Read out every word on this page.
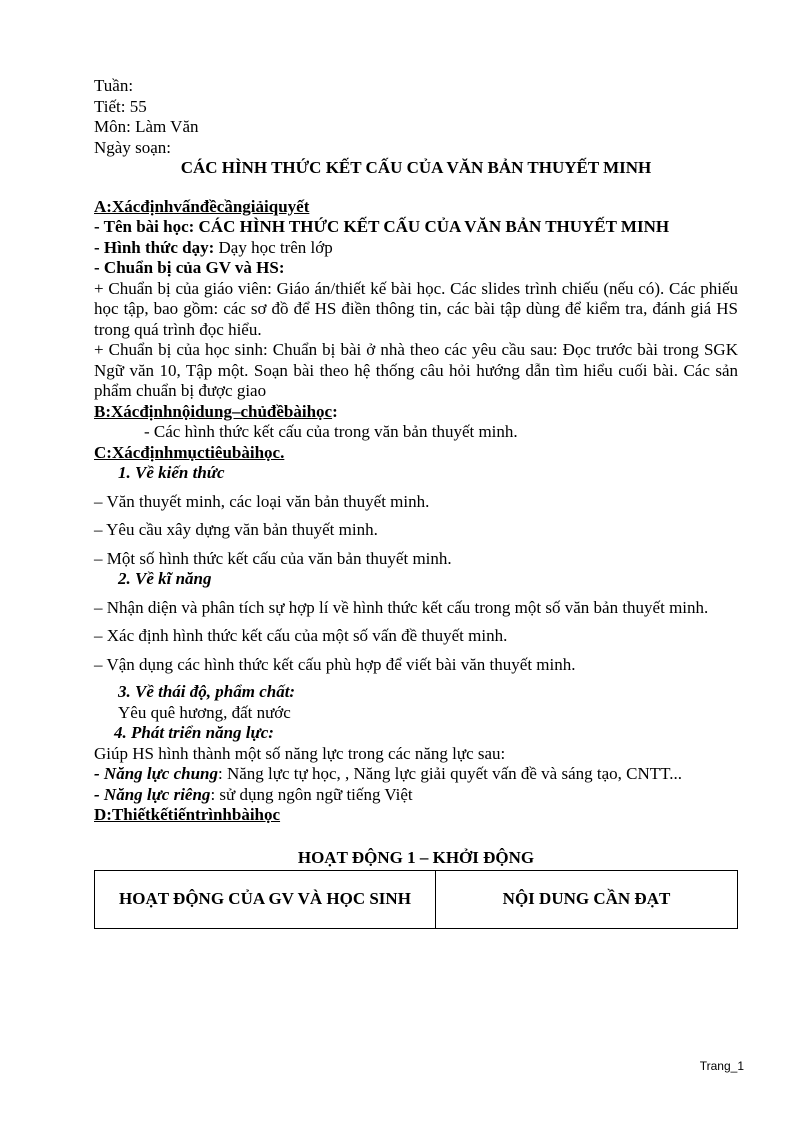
Tuần:

Tiết: 55

Môn: Làm Văn

Ngày soạn:

CÁC HÌNH THỨC KẾT CẤU CỦA VĂN BẢN THUYẾT MINH

A:Xácđịnhvấnđềcầngiảiquyết

- Tên bài học: CÁC HÌNH THỨC KẾT CẤU CỦA VĂN BẢN THUYẾT MINH

- Hình thức dạy: Dạy học trên lớp

- Chuẩn bị của GV và HS:

+ Chuẩn bị của giáo viên: Giáo án/thiết kế bài học. Các slides trình chiếu (nếu có). Các phiếu học tập, bao gồm: các sơ đồ để HS điền thông tin, các bài tập dùng để kiểm tra, đánh giá HS trong quá trình đọc hiểu.

+ Chuẩn bị của học sinh: Chuẩn bị bài ở nhà theo các yêu cầu sau: Đọc trước bài trong SGK Ngữ văn 10, Tập một. Soạn bài theo hệ thống câu hỏi hướng dẫn tìm hiểu cuối bài. Các sản phẩm chuẩn bị được giao

B:Xácđịnhnộidung–chủđềbàihọc:

- Các hình thức kết cấu của trong văn bản thuyết minh.

C:Xácđịnhmụctiêubàihọc.

1. Về kiến thức

– Văn thuyết minh, các loại văn bản thuyết minh.

– Yêu cầu xây dựng văn bản thuyết minh.

– Một số hình thức kết cấu của văn bản thuyết minh.

2. Về kĩ năng

– Nhận diện và phân tích sự hợp lí về hình thức kết cấu trong một số văn bản thuyết minh.

– Xác định hình thức kết cấu của một số vấn đề thuyết minh.

– Vận dụng các hình thức kết cấu phù hợp để viết bài văn thuyết minh.

3. Về thái độ, phẩm chất:

Yêu quê hương, đất nước

4. Phát triển năng lực:

Giúp HS hình thành một số năng lực trong các năng lực sau:

- Năng lực chung: Năng lực tự học, , Năng lực giải quyết vấn đề và sáng tạo, CNTT...

- Năng lực riêng: sử dụng ngôn ngữ tiếng Việt

D:Thiếtkếtiếntrìnhbàihọc

HOẠT ĐỘNG 1 – KHỞI ĐỘNG

HOẠT ĐỘNG CỦA GV VÀ HỌC SINH	NỘI DUNG CẦN ĐẠT
Trang_1
